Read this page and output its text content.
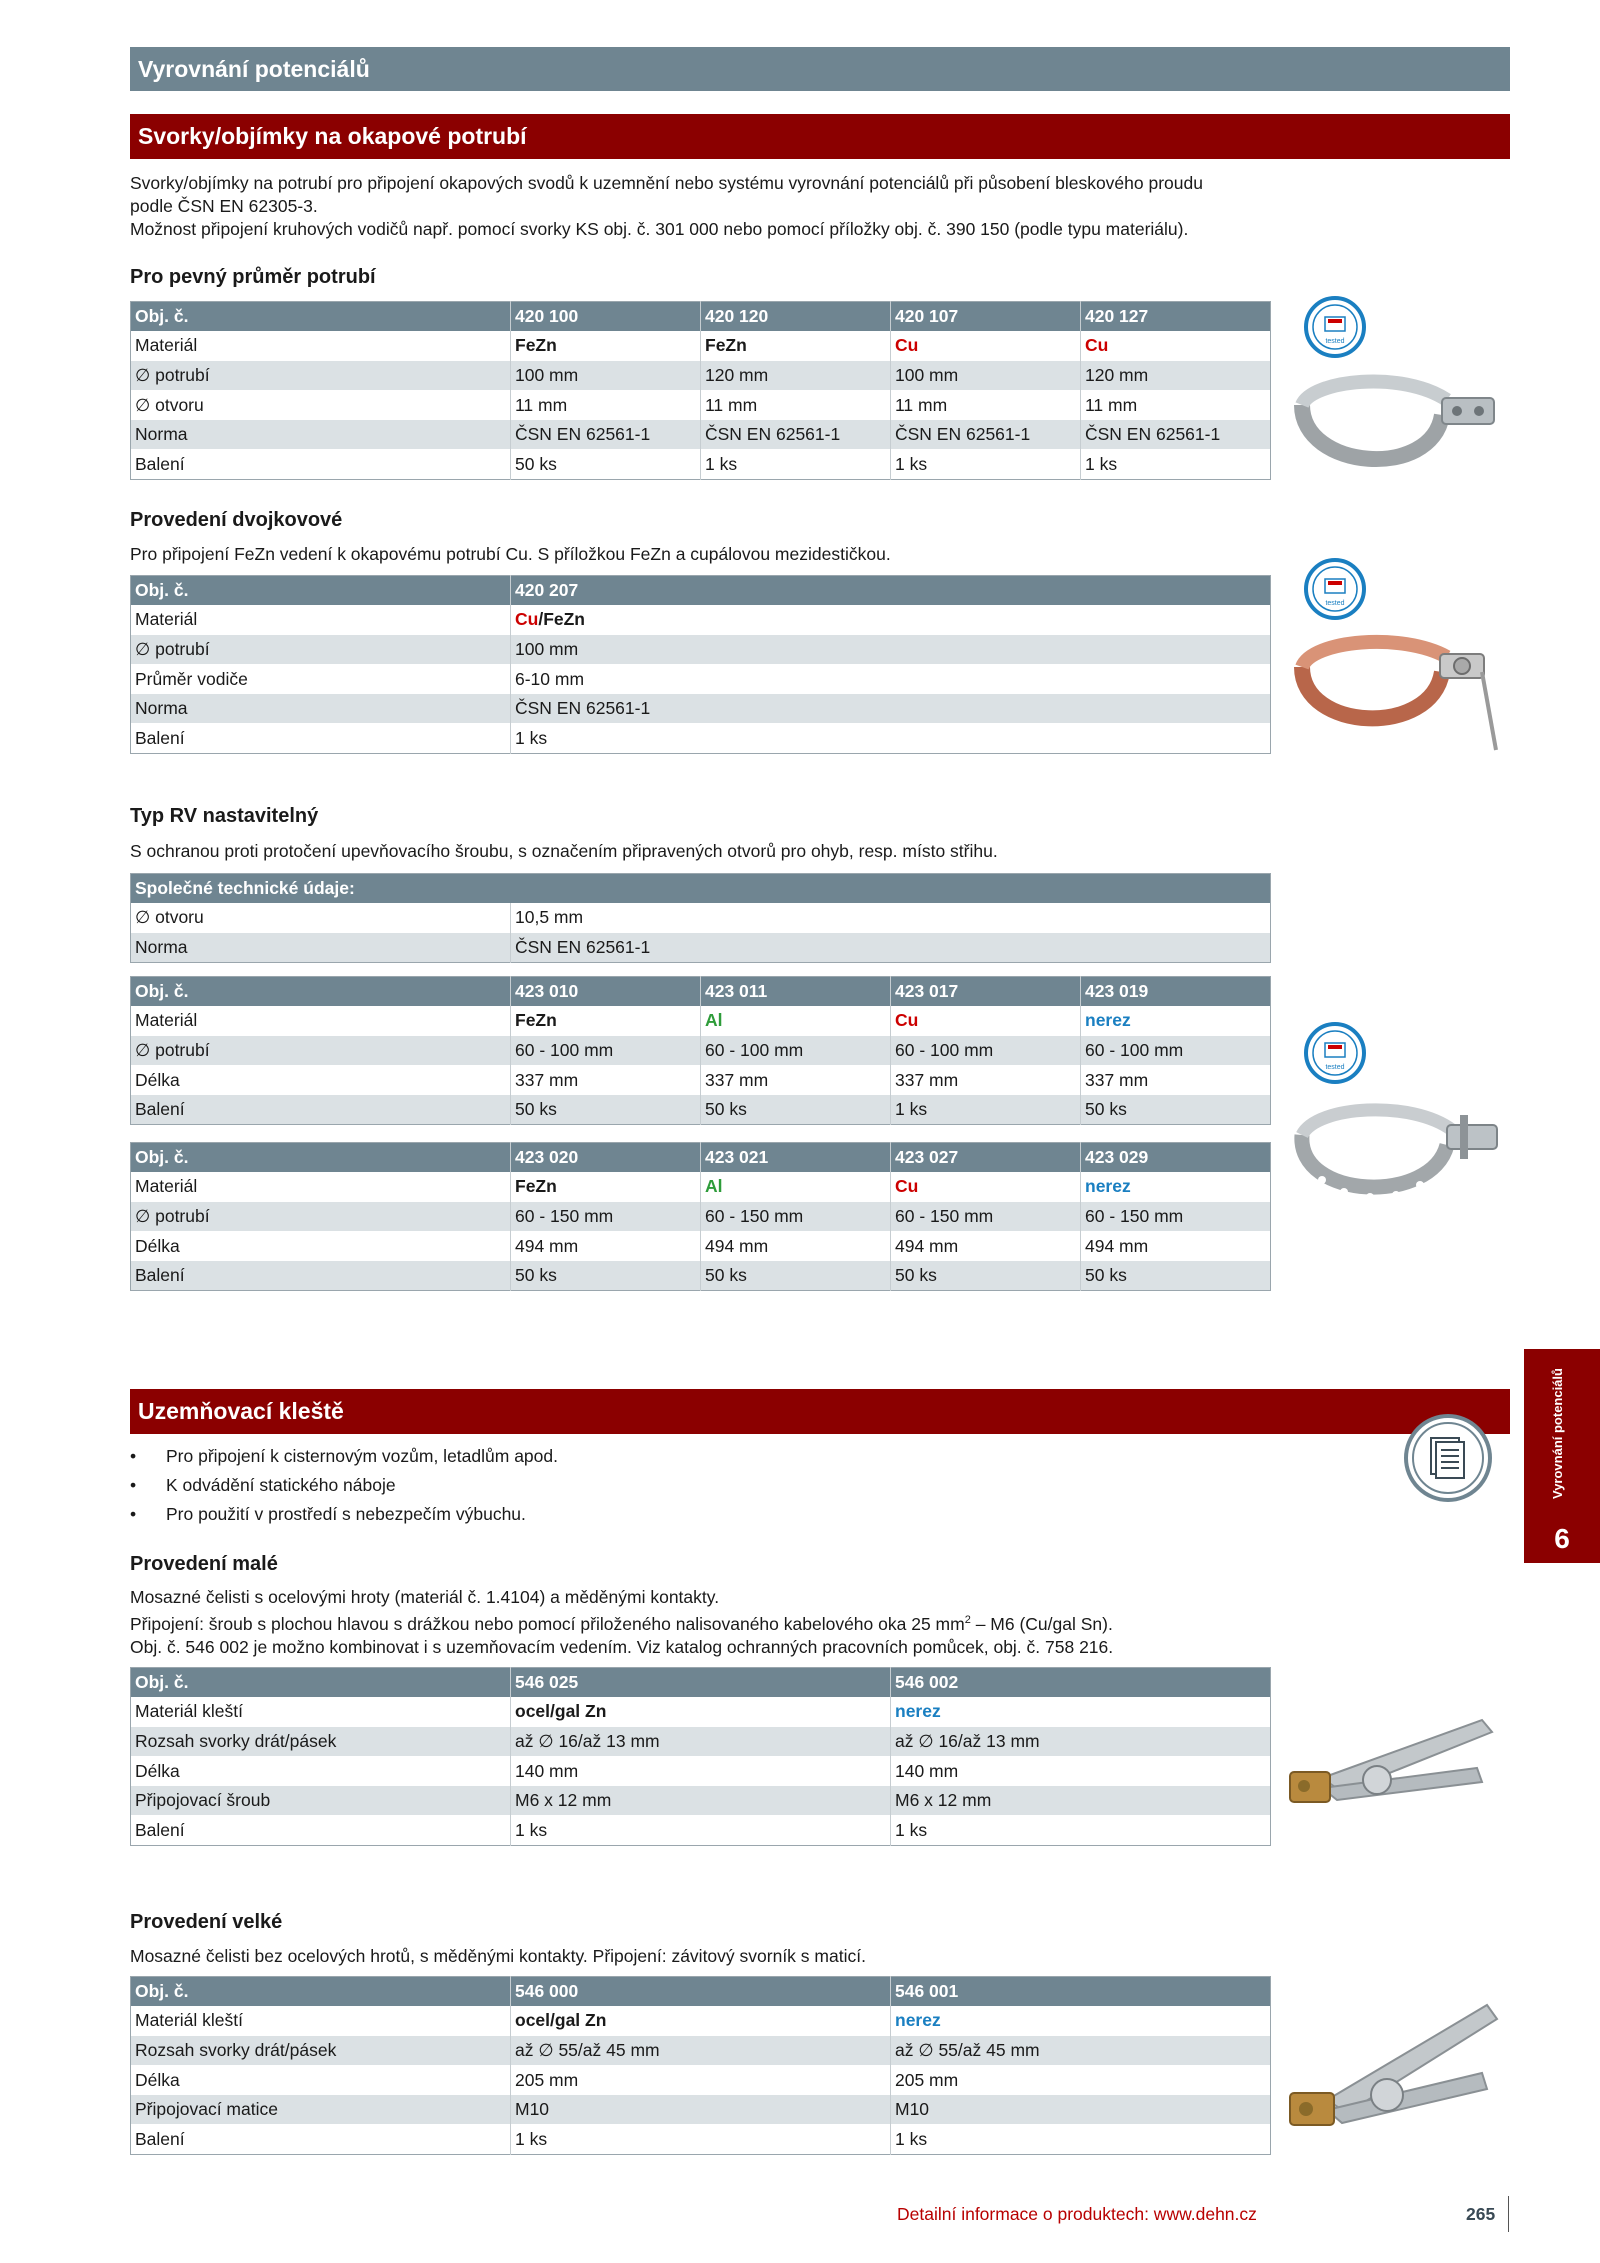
Vyrovnání potenciálů
Svorky/objímky na okapové potrubí
Svorky/objímky na potrubí pro připojení okapových svodů k uzemnění nebo systému vyrovnání potenciálů při působení bleskového proudu
podle ČSN EN 62305-3.
Možnost připojení kruhových vodičů např. pomocí svorky KS obj. č. 301 000 nebo pomocí příložky obj. č. 390 150 (podle typu materiálu).
Pro pevný průměr potrubí
Obj. č.	420 100	420 120	420 107	420 127
Materiál	FeZn	FeZn	Cu	Cu
∅ potrubí	100 mm	120 mm	100 mm	120 mm
∅ otvoru	11 mm	11 mm	11 mm	11 mm
Norma	ČSN EN 62561-1	ČSN EN 62561-1	ČSN EN 62561-1	ČSN EN 62561-1
Balení	50 ks	1 ks	1 ks	1 ks
tested
Provedení dvojkovové
Pro připojení FeZn vedení k okapovému potrubí Cu. S příložkou FeZn a cupálovou mezidestičkou.
Obj. č.	420 207
Materiál	Cu/FeZn
∅ potrubí	100 mm
Průměr vodiče	6-10 mm
Norma	ČSN EN 62561-1
Balení	1 ks
tested
Typ RV nastavitelný
S ochranou proti protočení upevňovacího šroubu, s označením připravených otvorů pro ohyb, resp. místo střihu.
Společné technické údaje:	
∅ otvoru	10,5 mm
Norma	ČSN EN 62561-1
Obj. č.	423 010	423 011	423 017	423 019
Materiál	FeZn	Al	Cu	nerez
∅ potrubí	60 - 100 mm	60 - 100 mm	60 - 100 mm	60 - 100 mm
Délka	337 mm	337 mm	337 mm	337 mm
Balení	50 ks	50 ks	1 ks	50 ks
Obj. č.	423 020	423 021	423 027	423 029
Materiál	FeZn	Al	Cu	nerez
∅ potrubí	60 - 150 mm	60 - 150 mm	60 - 150 mm	60 - 150 mm
Délka	494 mm	494 mm	494 mm	494 mm
Balení	50 ks	50 ks	50 ks	50 ks
tested
Uzemňovací kleště
• Pro připojení k cisternovým vozům, letadlům apod.
• K odvádění statického náboje
• Pro použití v prostředí s nebezpečím výbuchu.
Provedení malé
Mosazné čelisti s ocelovými hroty (materiál č. 1.4104) a měděnými kontakty.
Připojení: šroub s plochou hlavou s drážkou nebo pomocí přiloženého nalisovaného kabelového oka 25 $mm^2 - M6$ (Cu/gal Sn).
Obj. č. 546 002 je možno kombinovat i s uzemňovacím vedením. Viz katalog ochranných pracovních pomůcek, obj. č. 758 216.
Obj. č.	546 025	546 002
Materiál kleští	ocel/gal Zn	nerez
Rozsah svorky drát/pásek	až ∅ 16/až 13 mm	až ∅ 16/až 13 mm
Délka	140 mm	140 mm
Připojovací šroub	M6 x 12 mm	M6 x 12 mm
Balení	1 ks	1 ks
Provedení velké
Mosazné čelisti bez ocelových hrotů, s měděnými kontakty. Připojení: závitový svorník s maticí.
Obj. č.	546 000	546 001
Materiál kleští	ocel/gal Zn	nerez
Rozsah svorky drát/pásek	až ∅ 55/až 45 mm	až ∅ 55/až 45 mm
Délka	205 mm	205 mm
Připojovací matice	M10	M10
Balení	1 ks	1 ks
Vyrovnání potenciálů
6
Detailní informace o produktech: www.dehn.cz	265
